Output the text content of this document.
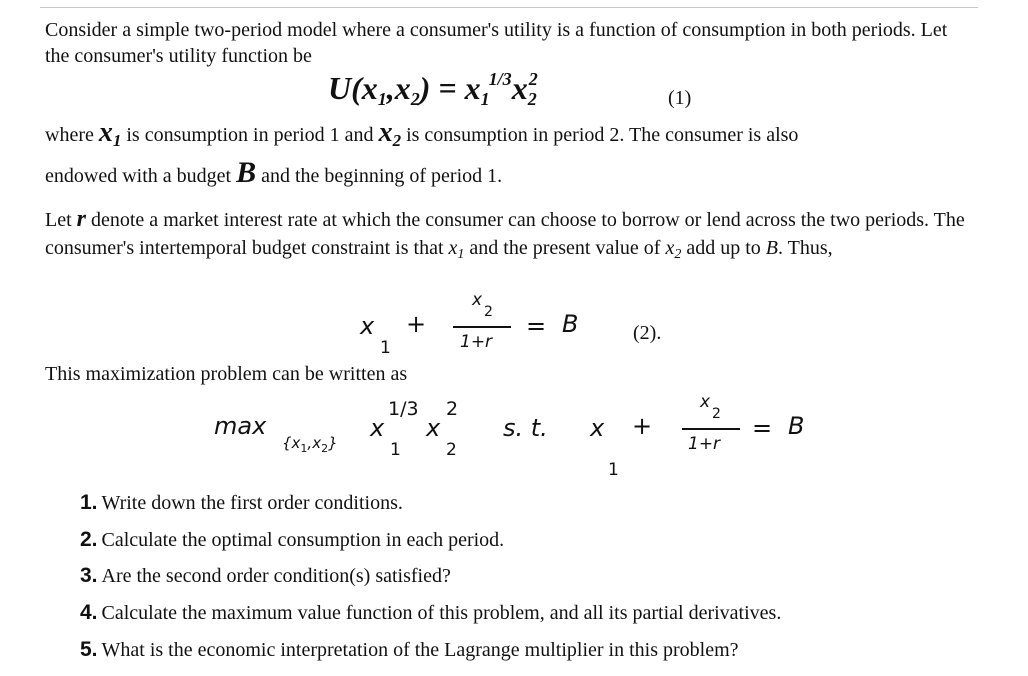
Consider a simple two-period model where a consumer's utility is a function of consumption in both periods. Let the consumer's utility function be
U(x1,x2) = x11/3x22
(1)
where $x_1$ is consumption in period 1 and $x_2$ is consumption in period 2. The consumer is also
endowed with a budget B and the beginning of period 1.
Let r denote a market interest rate at which the consumer can choose to borrow or lend across the two periods. The consumer's intertemporal budget constraint is that $x_1$ and the present value of $x_2$ add up to B. Thus,
x
1
+
x
2
1+r
= B	(2).
This maximization problem can be written as
max
$\{x_1,x_2\}$
1/3
x
1
2
x
2
s. t. x +
x
2
1+r
= B
1
1. Write down the first order conditions.
2. Calculate the optimal consumption in each period.
3. Are the second order condition(s) satisfied?
4. Calculate the maximum value function of this problem, and all its partial derivatives.
5. What is the economic interpretation of the Lagrange multiplier in this problem?
